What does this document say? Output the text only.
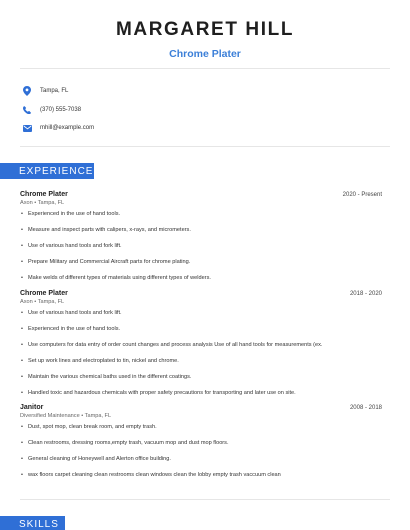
MARGARET HILL
Chrome Plater
Tampa, FL
(370) 555-7038
mhill@example.com
EXPERIENCE
Chrome Plater	2020 - Present
Axon • Tampa, FL
• Experienced in the use of hand tools.
• Measure and inspect parts with calipers, x-rays, and micrometers.
• Use of various hand tools and fork lift.
• Prepare Military and Commercial Aircraft parts for chrome plating.
• Make welds of different types of materials using different types of welders.
Chrome Plater	2018 - 2020
Axon • Tampa, FL
• Use of various hand tools and fork lift.
• Experienced in the use of hand tools.
• Use computers for data entry of order count changes and process analysis Use of all hand tools for measurements (ex.
• Set up work lines and electroplated to tin, nickel and chrome.
• Maintain the various chemical baths used in the different coatings.
• Handled toxic and hazardous chemicals with proper safety precautions for transporting and later use on site.
Janitor	2008 - 2018
Diversified Maintenance • Tampa, FL
• Dust, spot mop, clean break room, and empty trash.
• Clean restrooms, dressing rooms,empty trash, vacuum mop and dust mop floors.
• General cleaning of Honeywell and Alerton office building.
• wax floors carpet cleaning clean restrooms clean windows clean the lobby empty trash vaccuum clean
SKILLS
